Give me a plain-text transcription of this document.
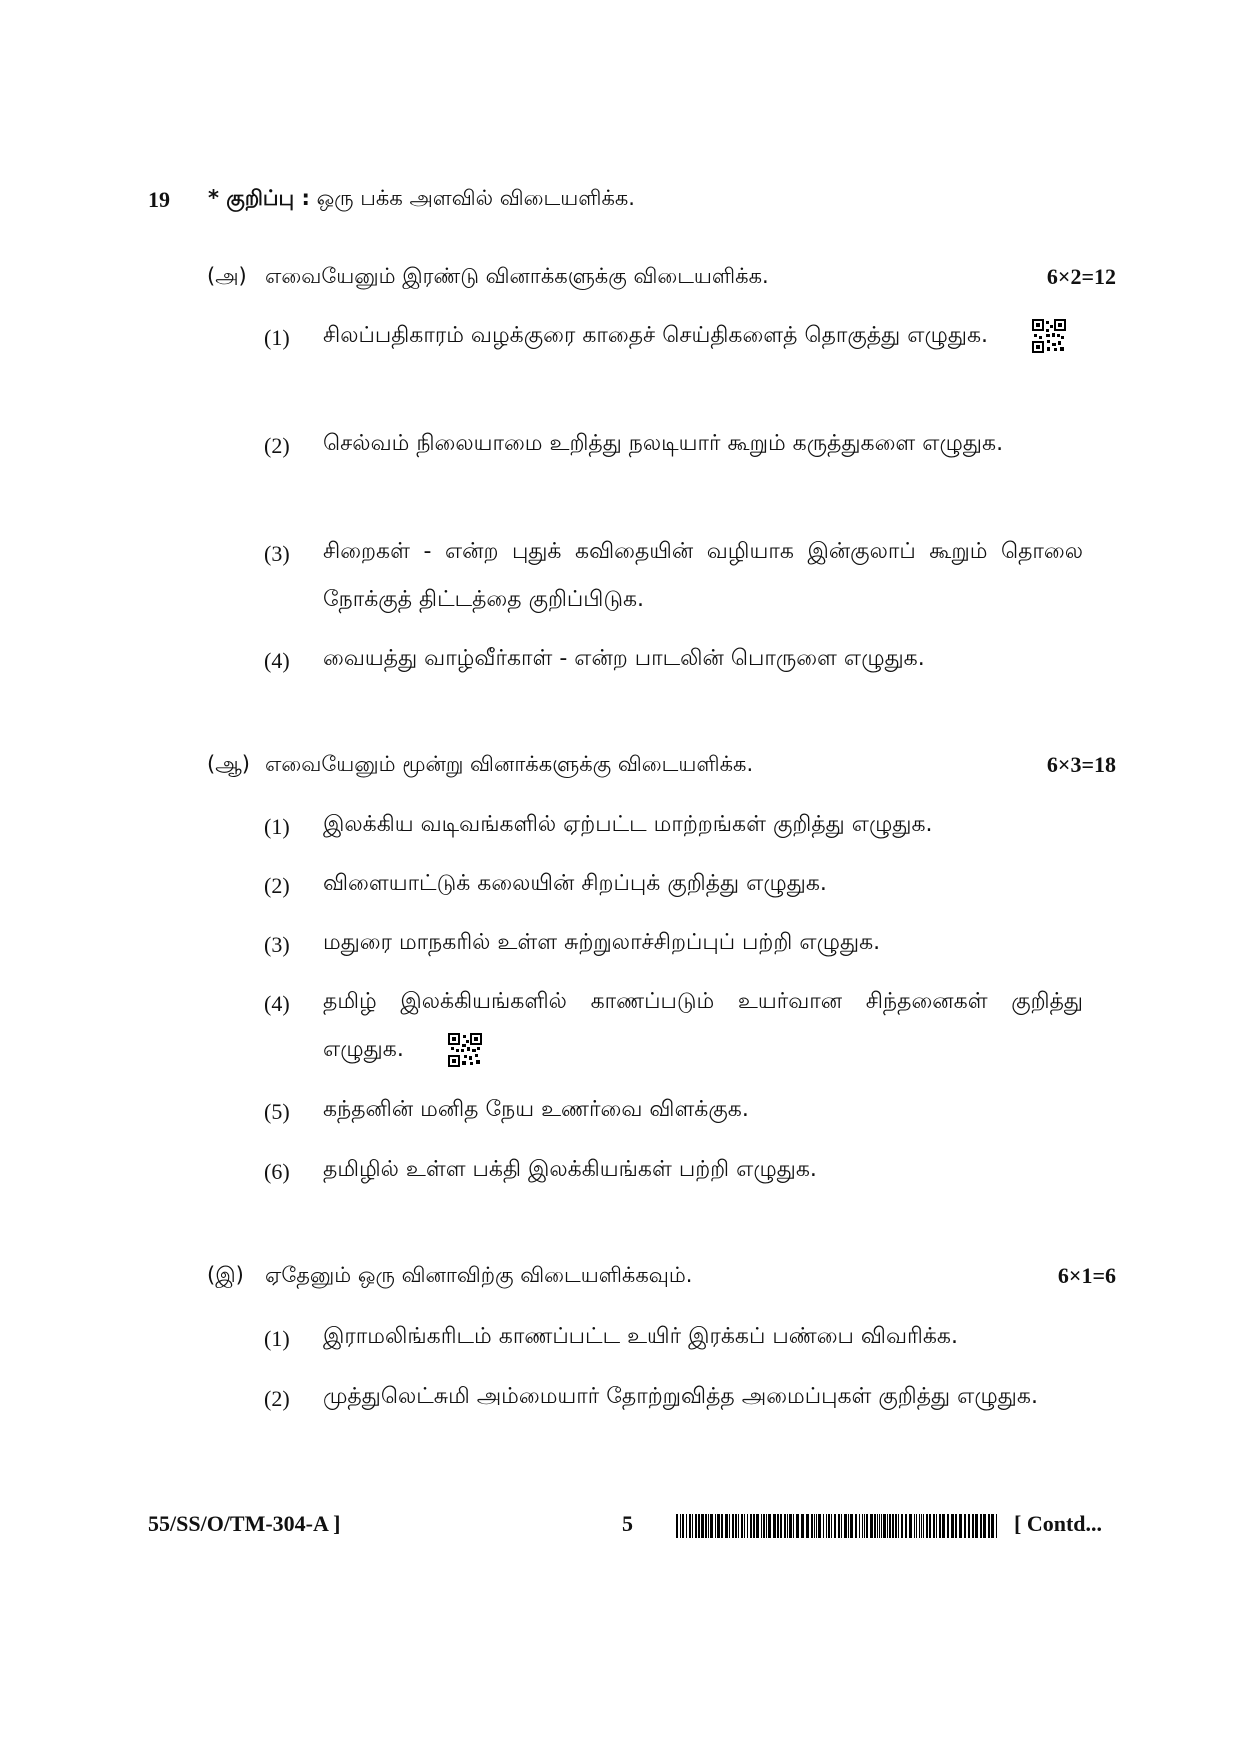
19 * குறிப்பு : ஒரு பக்க அளவில் விடையளிக்க.
(அ) எவையேனும் இரண்டு வினாக்களுக்கு விடையளிக்க.	6×2=12
(1) சிலப்பதிகாரம் வழக்குரை காதைச் செய்திகளைத் தொகுத்து எழுதுக.
(2) செல்வம் நிலையாமை உறித்து நலடியார் கூறும் கருத்துகளை எழுதுக.
(3) சிறைகள் - என்ற புதுக் கவிதையின் வழியாக இன்குலாப் கூறும் தொலை நோக்குத் திட்டத்தை குறிப்பிடுக.
(4) வையத்து வாழ்வீர்காள் - என்ற பாடலின் பொருளை எழுதுக.
(ஆ) எவையேனும் மூன்று வினாக்களுக்கு விடையளிக்க.	6×3=18
(1) இலக்கிய வடிவங்களில் ஏற்பட்ட மாற்றங்கள் குறித்து எழுதுக.
(2) விளையாட்டுக் கலையின் சிறப்புக் குறித்து எழுதுக.
(3) மதுரை மாநகரில் உள்ள சுற்றுலாச்சிறப்புப் பற்றி எழுதுக.
(4) தமிழ் இலக்கியங்களில் காணப்படும் உயர்வான சிந்தனைகள் குறித்து எழுதுக.
(5) கந்தனின் மனித நேய உணர்வை விளக்குக.
(6) தமிழில் உள்ள பக்தி இலக்கியங்கள் பற்றி எழுதுக.
(இ) ஏதேனும் ஒரு வினாவிற்கு விடையளிக்கவும்.	6×1=6
(1) இராமலிங்கரிடம் காணப்பட்ட உயிர் இரக்கப் பண்பை விவரிக்க.
(2) முத்துலெட்சுமி அம்மையார் தோற்றுவித்த அமைப்புகள் குறித்து எழுதுக.
55/SS/O/TM-304-A ]	5	[ Contd...
